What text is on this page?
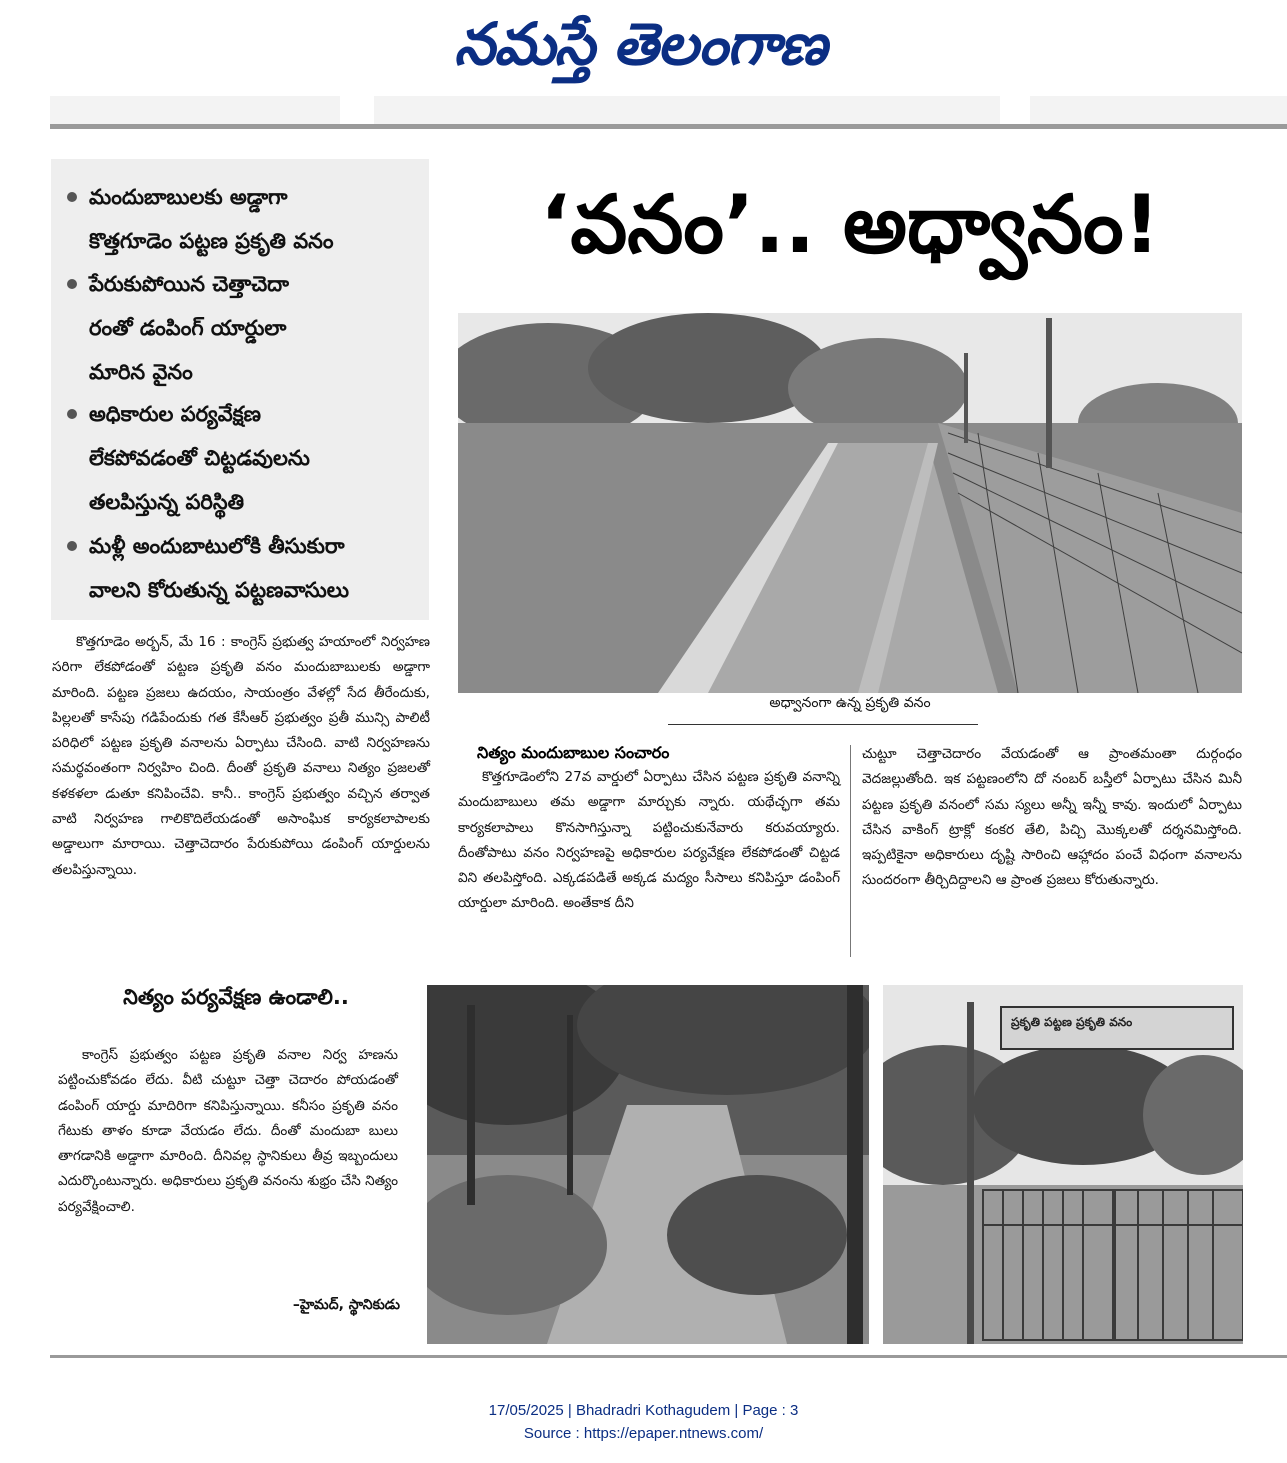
నమస్తే తెలంగాణ
మందుబాబులకు అడ్డాగా
కొత్తగూడెం పట్టణ ప్రకృతి వనం
పేరుకుపోయిన చెత్తాచెదా
రంతో డంపింగ్ యార్డులా
మారిన వైనం
అధికారుల పర్యవేక్షణ
లేకపోవడంతో చిట్టడవులను
తలపిస్తున్న పరిస్థితి
మళ్లీ అందుబాటులోకి తీసుకురా
వాలని కోరుతున్న పట్టణవాసులు
‘వనం’.. అధ్వానం!
అధ్వానంగా ఉన్న ప్రకృతి వనం

కొత్తగూడెం అర్బన్, మే 16 : కాంగ్రెస్ ప్రభుత్వ హయాంలో నిర్వహణ సరిగా లేకపోడంతో పట్టణ ప్రకృతి వనం మందుబాబులకు అడ్డాగా మారింది. పట్టణ ప్రజలు ఉదయం, సాయంత్రం వేళల్లో సేద తీరేందుకు, పిల్లలతో కాసేపు గడిపేందుకు గత కేసీఆర్ ప్రభుత్వం ప్రతీ మున్సి పాలిటీ పరిధిలో పట్టణ ప్రకృతి వనాలను ఏర్పాటు చేసింది. వాటి నిర్వహణను సమర్థవంతంగా నిర్వహిం చింది. దీంతో ప్రకృతి వనాలు నిత్యం ప్రజలతో కళకళలా డుతూ కనిపించేవి. కానీ.. కాంగ్రెస్ ప్రభుత్వం వచ్చిన తర్వాత వాటి నిర్వహణ గాలికొదిలేయడంతో అసాంఘిక కార్యకలాపాలకు అడ్డాలుగా మారాయి. చెత్తాచెదారం పేరుకుపోయి డంపింగ్ యార్డులను తలపిస్తున్నాయి.

నిత్యం మందుబాబుల సంచారం

కొత్తగూడెంలోని 27వ వార్డులో ఏర్పాటు చేసిన పట్టణ ప్రకృతి వనాన్ని మందుబాబులు తమ అడ్డాగా మార్చుకు న్నారు. యథేచ్ఛగా తమ కార్యకలాపాలు కొనసాగిస్తున్నా పట్టించుకునేవారు కరువయ్యారు. దీంతోపాటు వనం నిర్వహణపై అధికారుల పర్యవేక్షణ లేకపోడంతో చిట్టడ విని తలపిస్తోంది. ఎక్కడపడితే అక్కడ మద్యం సీసాలు కనిపిస్తూ డంపింగ్ యార్డులా మారింది. అంతేకాక దీని

చుట్టూ చెత్తాచెదారం వేయడంతో ఆ ప్రాంతమంతా దుర్గంధం వెదజల్లుతోంది. ఇక పట్టణంలోని దో నంబర్ బస్తీలో ఏర్పాటు చేసిన మినీ పట్టణ ప్రకృతి వనంలో సమ స్యలు అన్నీ ఇన్నీ కావు. ఇందులో ఏర్పాటు చేసిన వాకింగ్ ట్రాక్లో కంకర తేలి, పిచ్చి మొక్కలతో దర్శనమిస్తోంది. ఇప్పటికైనా అధికారులు దృష్టి సారించి ఆహ్లాదం పంచే విధంగా వనాలను సుందరంగా తీర్చిదిద్దాలని ఆ ప్రాంత ప్రజలు కోరుతున్నారు.

నిత్యం పర్యవేక్షణ ఉండాలి..

కాంగ్రెస్ ప్రభుత్వం పట్టణ ప్రకృతి వనాల నిర్వ హణను పట్టించుకోవడం లేదు. వీటి చుట్టూ చెత్తా చెదారం పోయడంతో డంపింగ్ యార్డు మాదిరిగా కనిపిస్తున్నాయి. కనీసం ప్రకృతి వనం గేటుకు తాళం కూడా వేయడం లేదు. దీంతో మందుబా బులు తాగడానికి అడ్డాగా మారింది. దీనివల్ల స్థానికులు తీవ్ర ఇబ్బందులు ఎదుర్కొంటున్నారు. అధికారులు ప్రకృతి వనంను శుభ్రం చేసి నిత్యం పర్యవేక్షించాలి.

–హైమద్, స్థానికుడు
ప్రకృతి పట్టణ ప్రకృతి వనం
17/05/2025 | Bhadradri Kothagudem | Page : 3
Source : https://epaper.ntnews.com/
